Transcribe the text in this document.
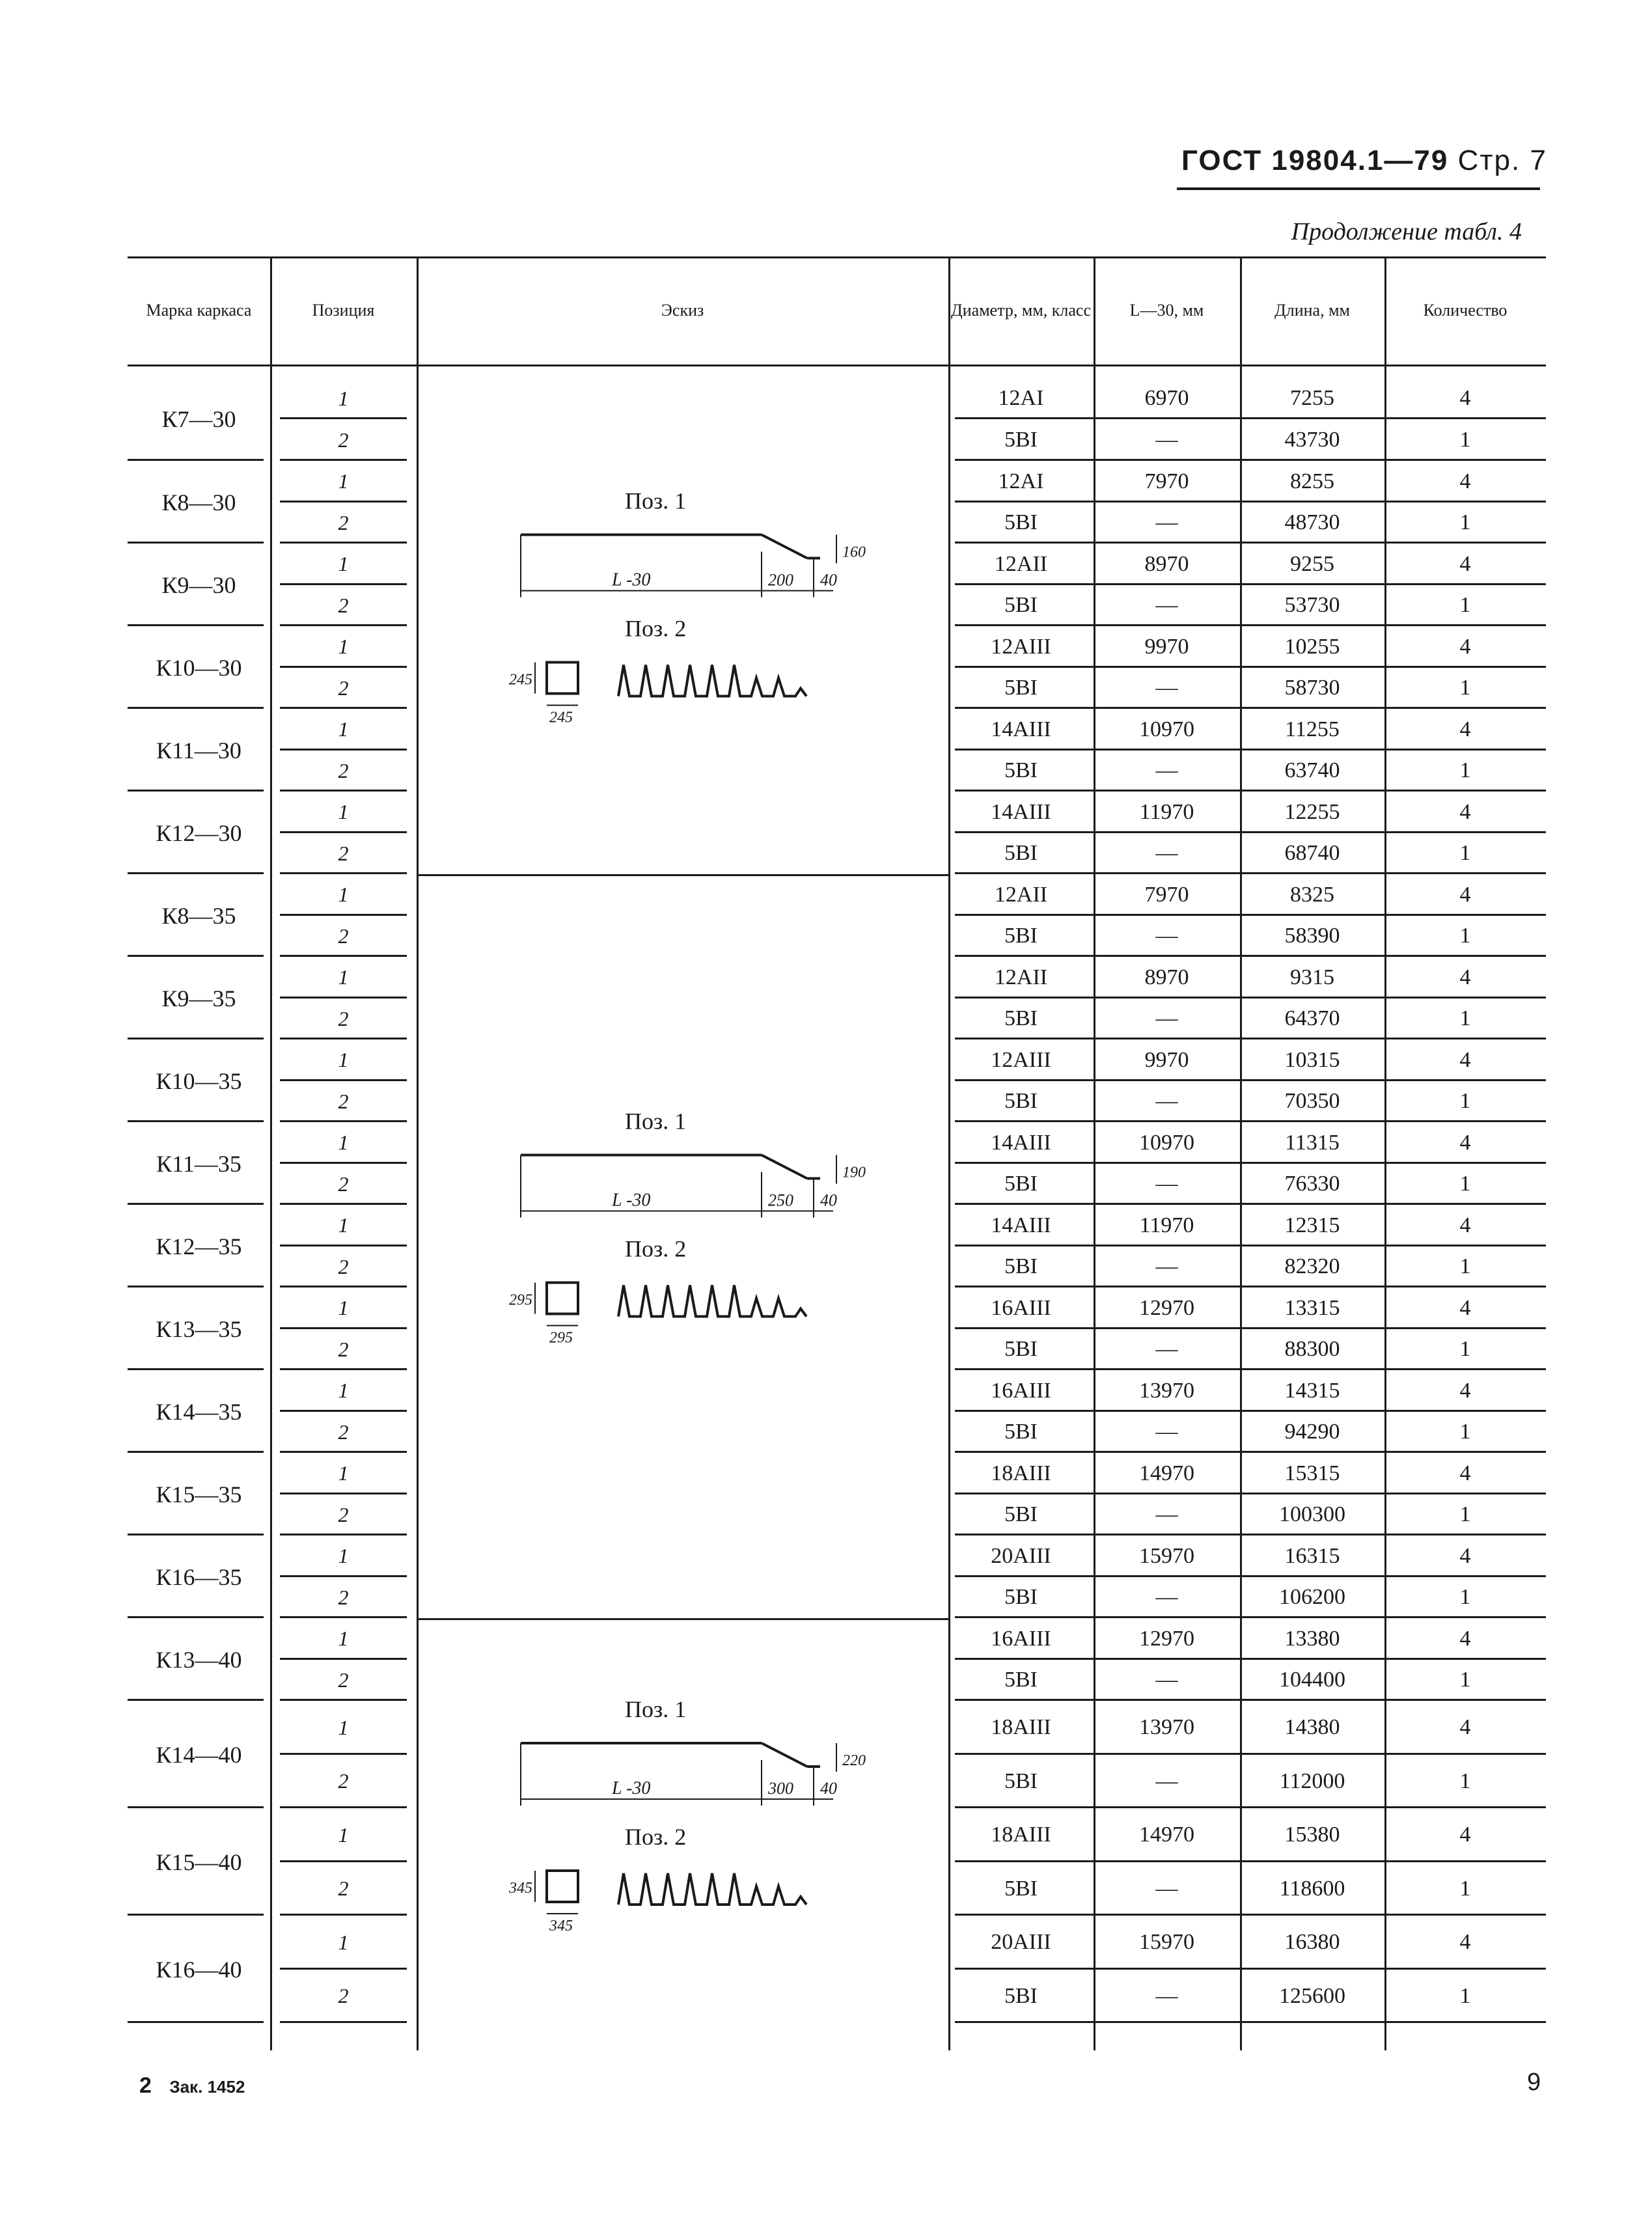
ГОСТ 19804.1—79 Стр. 7
Продолжение табл. 4
Марка каркаса	Позиция	Эскиз	Диаметр, мм, класс	L—30, мм	Длина, мм	Количество
К7—30
1	12АI	6970	7255	4
2	5ВI	—	43730	1
К8—30
1	12АI	7970	8255	4
2	5ВI	—	48730	1
К9—30
1	12АII	8970	9255	4
2	5ВI	—	53730	1
К10—30
1	12АIII	9970	10255	4
2	5ВI	—	58730	1
К11—30
1	14АIII	10970	11255	4
2	5ВI	—	63740	1
К12—30
1	14АIII	11970	12255	4
2	5ВI	—	68740	1
К8—35
1	12АII	7970	8325	4
2	5ВI	—	58390	1
К9—35
1	12АII	8970	9315	4
2	5ВI	—	64370	1
К10—35
1	12АIII	9970	10315	4
2	5ВI	—	70350	1
К11—35
1	14АIII	10970	11315	4
2	5ВI	—	76330	1
К12—35
1	14АIII	11970	12315	4
2	5ВI	—	82320	1
К13—35
1	16АIII	12970	13315	4
2	5ВI	—	88300	1
К14—35
1	16АIII	13970	14315	4
2	5ВI	—	94290	1
К15—35
1	18АIII	14970	15315	4
2	5ВI	—	100300	1
К16—35
1	20АIII	15970	16315	4
2	5ВI	—	106200	1
К13—40
1	16АIII	12970	13380	4
2	5ВI	—	104400	1
К14—40
1	18АIII	13970	14380	4
2	5ВI	—	112000	1
К15—40
1	18АIII	14970	15380	4
2	5ВI	—	118600	1
К16—40
1	20АIII	15970	16380	4
2	5ВI	—	125600	1
Поз. 1
160
L -30	200 40
Поз. 2
245
245
Поз. 1
190
L -30	250 40
Поз. 2
295
295
Поз. 1
220
L -30	300 40
Поз. 2
345
345
2 Зак. 1452	9
